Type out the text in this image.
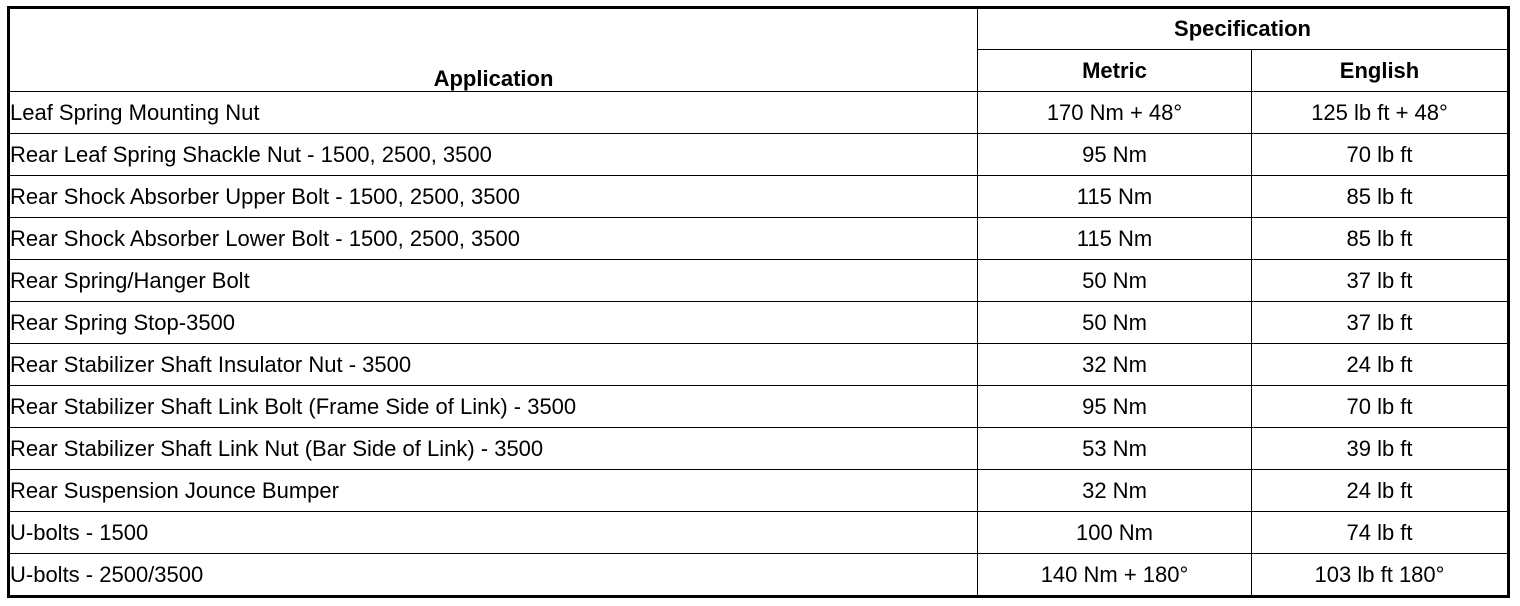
Application	Specification	
	Metric	English
Leaf Spring Mounting Nut	170 Nm + 48°	125 lb ft + 48°
Rear Leaf Spring Shackle Nut - 1500, 2500, 3500	95 Nm	70 lb ft
Rear Shock Absorber Upper Bolt - 1500, 2500, 3500	115 Nm	85 lb ft
Rear Shock Absorber Lower Bolt - 1500, 2500, 3500	115 Nm	85 lb ft
Rear Spring/Hanger Bolt	50 Nm	37 lb ft
Rear Spring Stop-3500	50 Nm	37 lb ft
Rear Stabilizer Shaft Insulator Nut - 3500	32 Nm	24 lb ft
Rear Stabilizer Shaft Link Bolt (Frame Side of Link) - 3500	95 Nm	70 lb ft
Rear Stabilizer Shaft Link Nut (Bar Side of Link) - 3500	53 Nm	39 lb ft
Rear Suspension Jounce Bumper	32 Nm	24 lb ft
U-bolts - 1500	100 Nm	74 lb ft
U-bolts - 2500/3500	140 Nm + 180°	103 lb ft 180°
